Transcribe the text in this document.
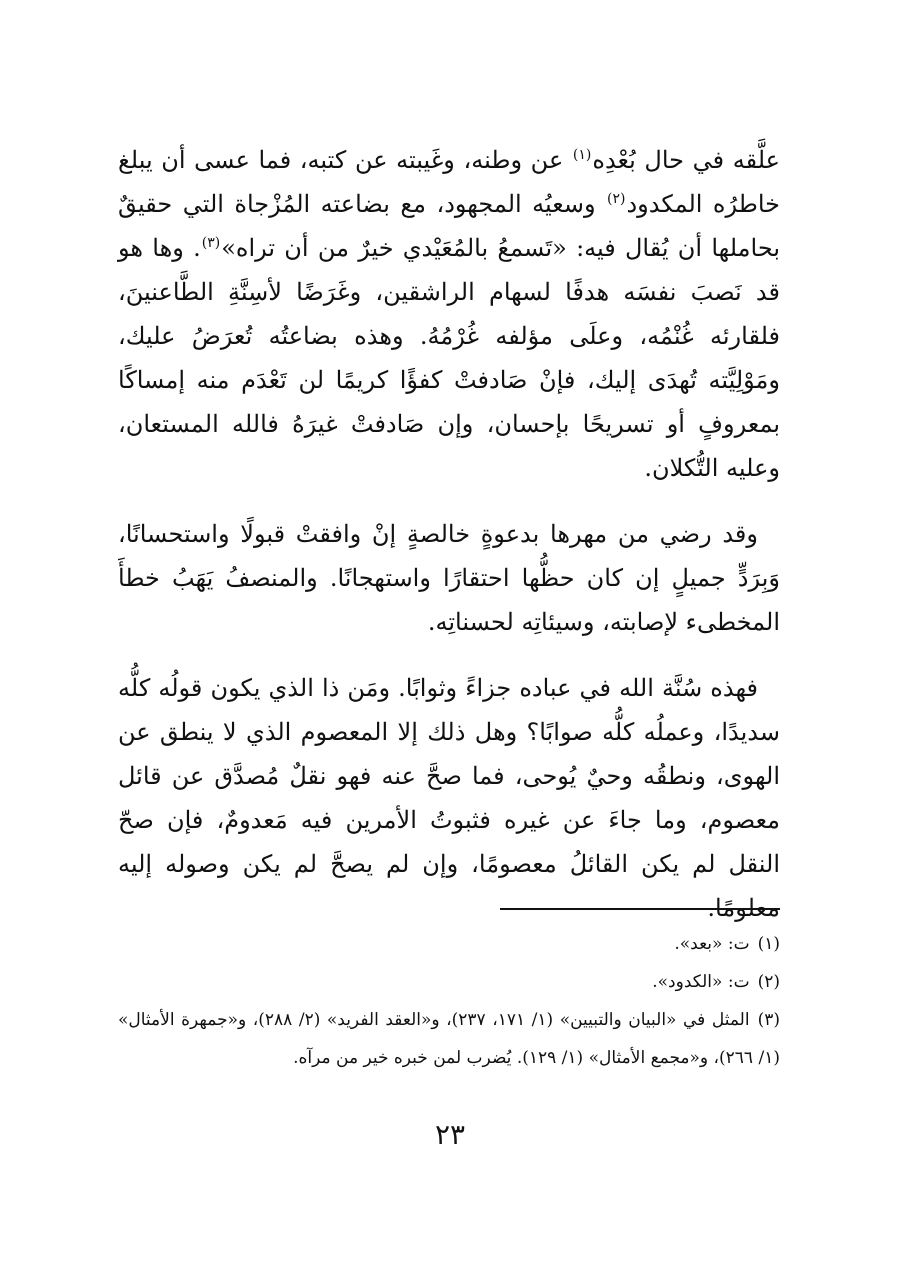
علَّقه في حال بُعْدِه$^{(١)}$ عن وطنه، وغَيبته عن كتبه، فما عسى أن يبلغ خاطرُه المكدود$^{(٢)}$ وسعيُه المجهود، مع بضاعته المُزْجاة التي حقيقٌ بحاملها أن يُقال فيه: «تَسمعُ بالمُعَيْدي خيرٌ من أن تراه»$^{(٣)}$. وها هو قد نَصبَ نفسَه هدفًا لسهام الراشقين، وغَرَضًا لأسِنَّةِ الطَّاعنينَ، فلقارئه غُنْمُه، وعلَى مؤلفه غُرْمُهُ. وهذه بضاعتُه تُعرَضُ عليك، ومَوْلِيَّته تُهدَى إليك، فإنْ صَادفتْ كفؤًا كريمًا لن تَعْدَم منه إمساكًا بمعروفٍ أو تسريحًا بإحسان، وإن صَادفتْ غيرَهُ فالله المستعان، وعليه التُّكلان.

وقد رضي من مهرها بدعوةٍ خالصةٍ إنْ وافقتْ قبولًا واستحسانًا، وَبِرَدٍّ جميلٍ إن كان حظُّها احتقارًا واستهجانًا. والمنصفُ يَهَبُ خطأَ المخطىء لإصابته، وسيئاتِه لحسناتِه.

فهذه سُنَّة الله في عباده جزاءً وثوابًا. ومَن ذا الذي يكون قولُه كلُّه سديدًا، وعملُه كلُّه صوابًا؟ وهل ذلك إلا المعصوم الذي لا ينطق عن الهوى، ونطقُه وحيٌ يُوحى، فما صحَّ عنه فهو نقلٌ مُصدَّق عن قائل معصوم، وما جاءَ عن غيره فثبوتُ الأمرين فيه مَعدومٌ، فإن صحّ النقل لم يكن القائلُ معصومًا، وإن لم يصحَّ لم يكن وصوله إليه معلومًا.

(١)ت: «بعد».

(٢)ت: «الكدود».

(٣)المثل في «البيان والتبيين» (١/ ١٧١، ٢٣٧)، و«العقد الفريد» (٢/ ٢٨٨)، و«جمهرة الأمثال» (١/ ٢٦٦)، و«مجمع الأمثال» (١/ ١٢٩). يُضرب لمن خبره خير من مرآه.

٢٣
